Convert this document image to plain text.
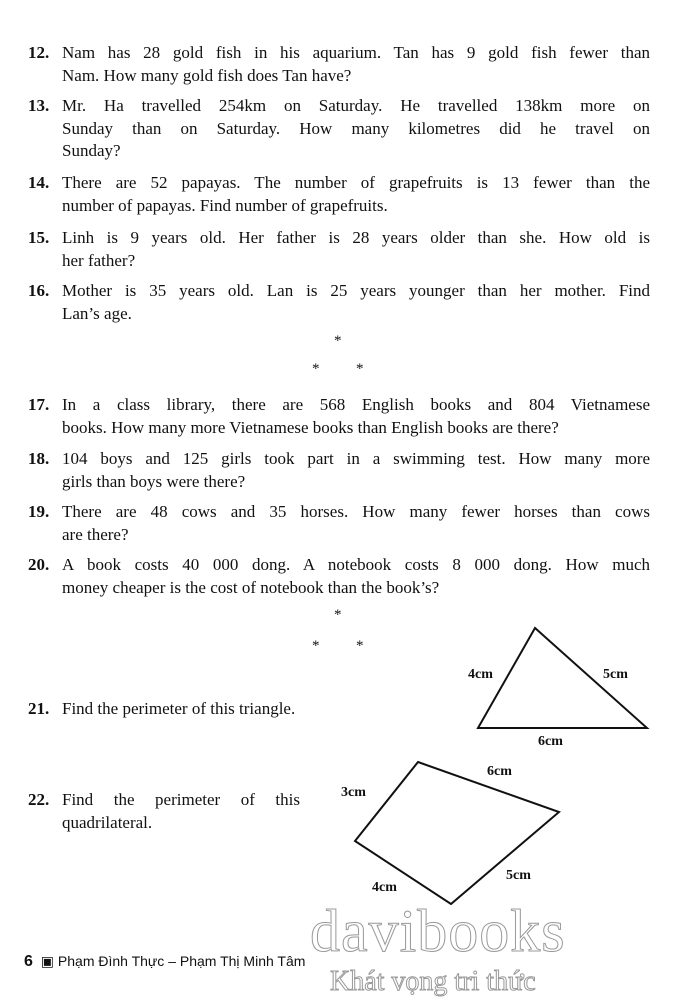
davibooks
Khát vọng tri thức
12. Nam has 28 gold fish in his aquarium. Tan has 9 gold fish fewer than
Nam. How many gold fish does Tan have?
13. Mr. Ha travelled 254km on Saturday. He travelled 138km more on
Sunday than on Saturday. How many kilometres did he travel on
Sunday?
14. There are 52 papayas. The number of grapefruits is 13 fewer than the
number of papayas. Find number of grapefruits.
15. Linh is 9 years old. Her father is 28 years older than she. How old is
her father?
16. Mother is 35 years old. Lan is 25 years younger than her mother. Find
Lan’s age.
17. In a class library, there are 568 English books and 804 Vietnamese
books. How many more Vietnamese books than English books are there?
18. 104 boys and 125 girls took part in a swimming test. How many more
girls than boys were there?
19. There are 48 cows and 35 horses. How many fewer horses than cows
are there?
20. A book costs 40 000 dong. A notebook costs 8 000 dong. How much
money cheaper is the cost of notebook than the book’s?
21. Find the perimeter of this triangle.
22. Find the perimeter of this
quadrilateral.
*
* *
*
* *
4cm	5cm
6cm
3cm
6cm
5cm
4cm
6 ▣ Phạm Đình Thực – Phạm Thị Minh Tâm
